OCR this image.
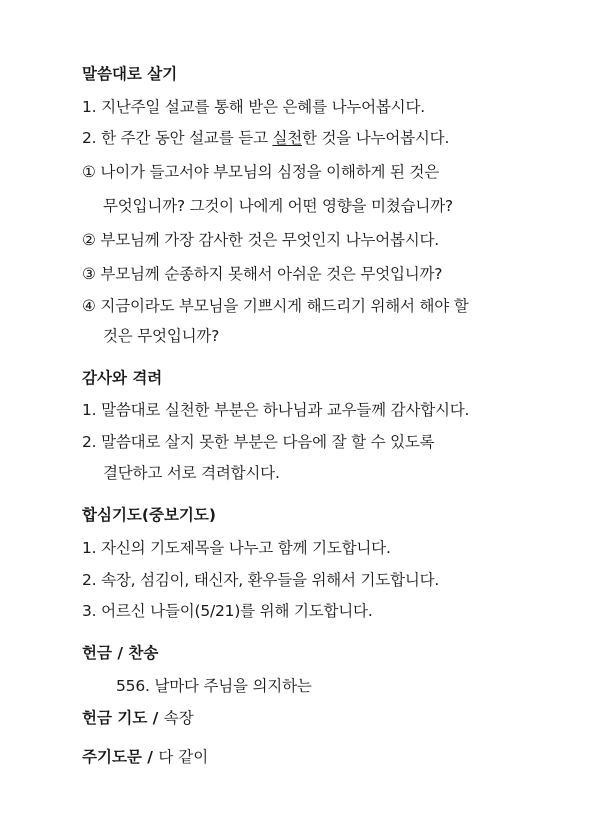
말씀대로 살기
1. 지난주일 설교를 통해 받은 은혜를 나누어봅시다.
2. 한 주간 동안 설교를 듣고 실천한 것을 나누어봅시다.
① 나이가 들고서야 부모님의 심정을 이해하게 된 것은
무엇입니까? 그것이 나에게 어떤 영향을 미쳤습니까?
② 부모님께 가장 감사한 것은 무엇인지 나누어봅시다.
③ 부모님께 순종하지 못해서 아쉬운 것은 무엇입니까?
④ 지금이라도 부모님을 기쁘시게 해드리기 위해서 해야 할
것은 무엇입니까?
감사와 격려
1. 말씀대로 실천한 부분은 하나님과 교우들께 감사합시다.
2. 말씀대로 살지 못한 부분은 다음에 잘 할 수 있도록
결단하고 서로 격려합시다.
합심기도(중보기도)
1. 자신의 기도제목을 나누고 함께 기도합니다.
2. 속장, 섬김이, 태신자, 환우들을 위해서 기도합니다.
3. 어르신 나들이(5/21)를 위해 기도합니다.
헌금 / 찬송
556. 날마다 주님을 의지하는
헌금 기도 / 속장
주기도문 / 다 같이
